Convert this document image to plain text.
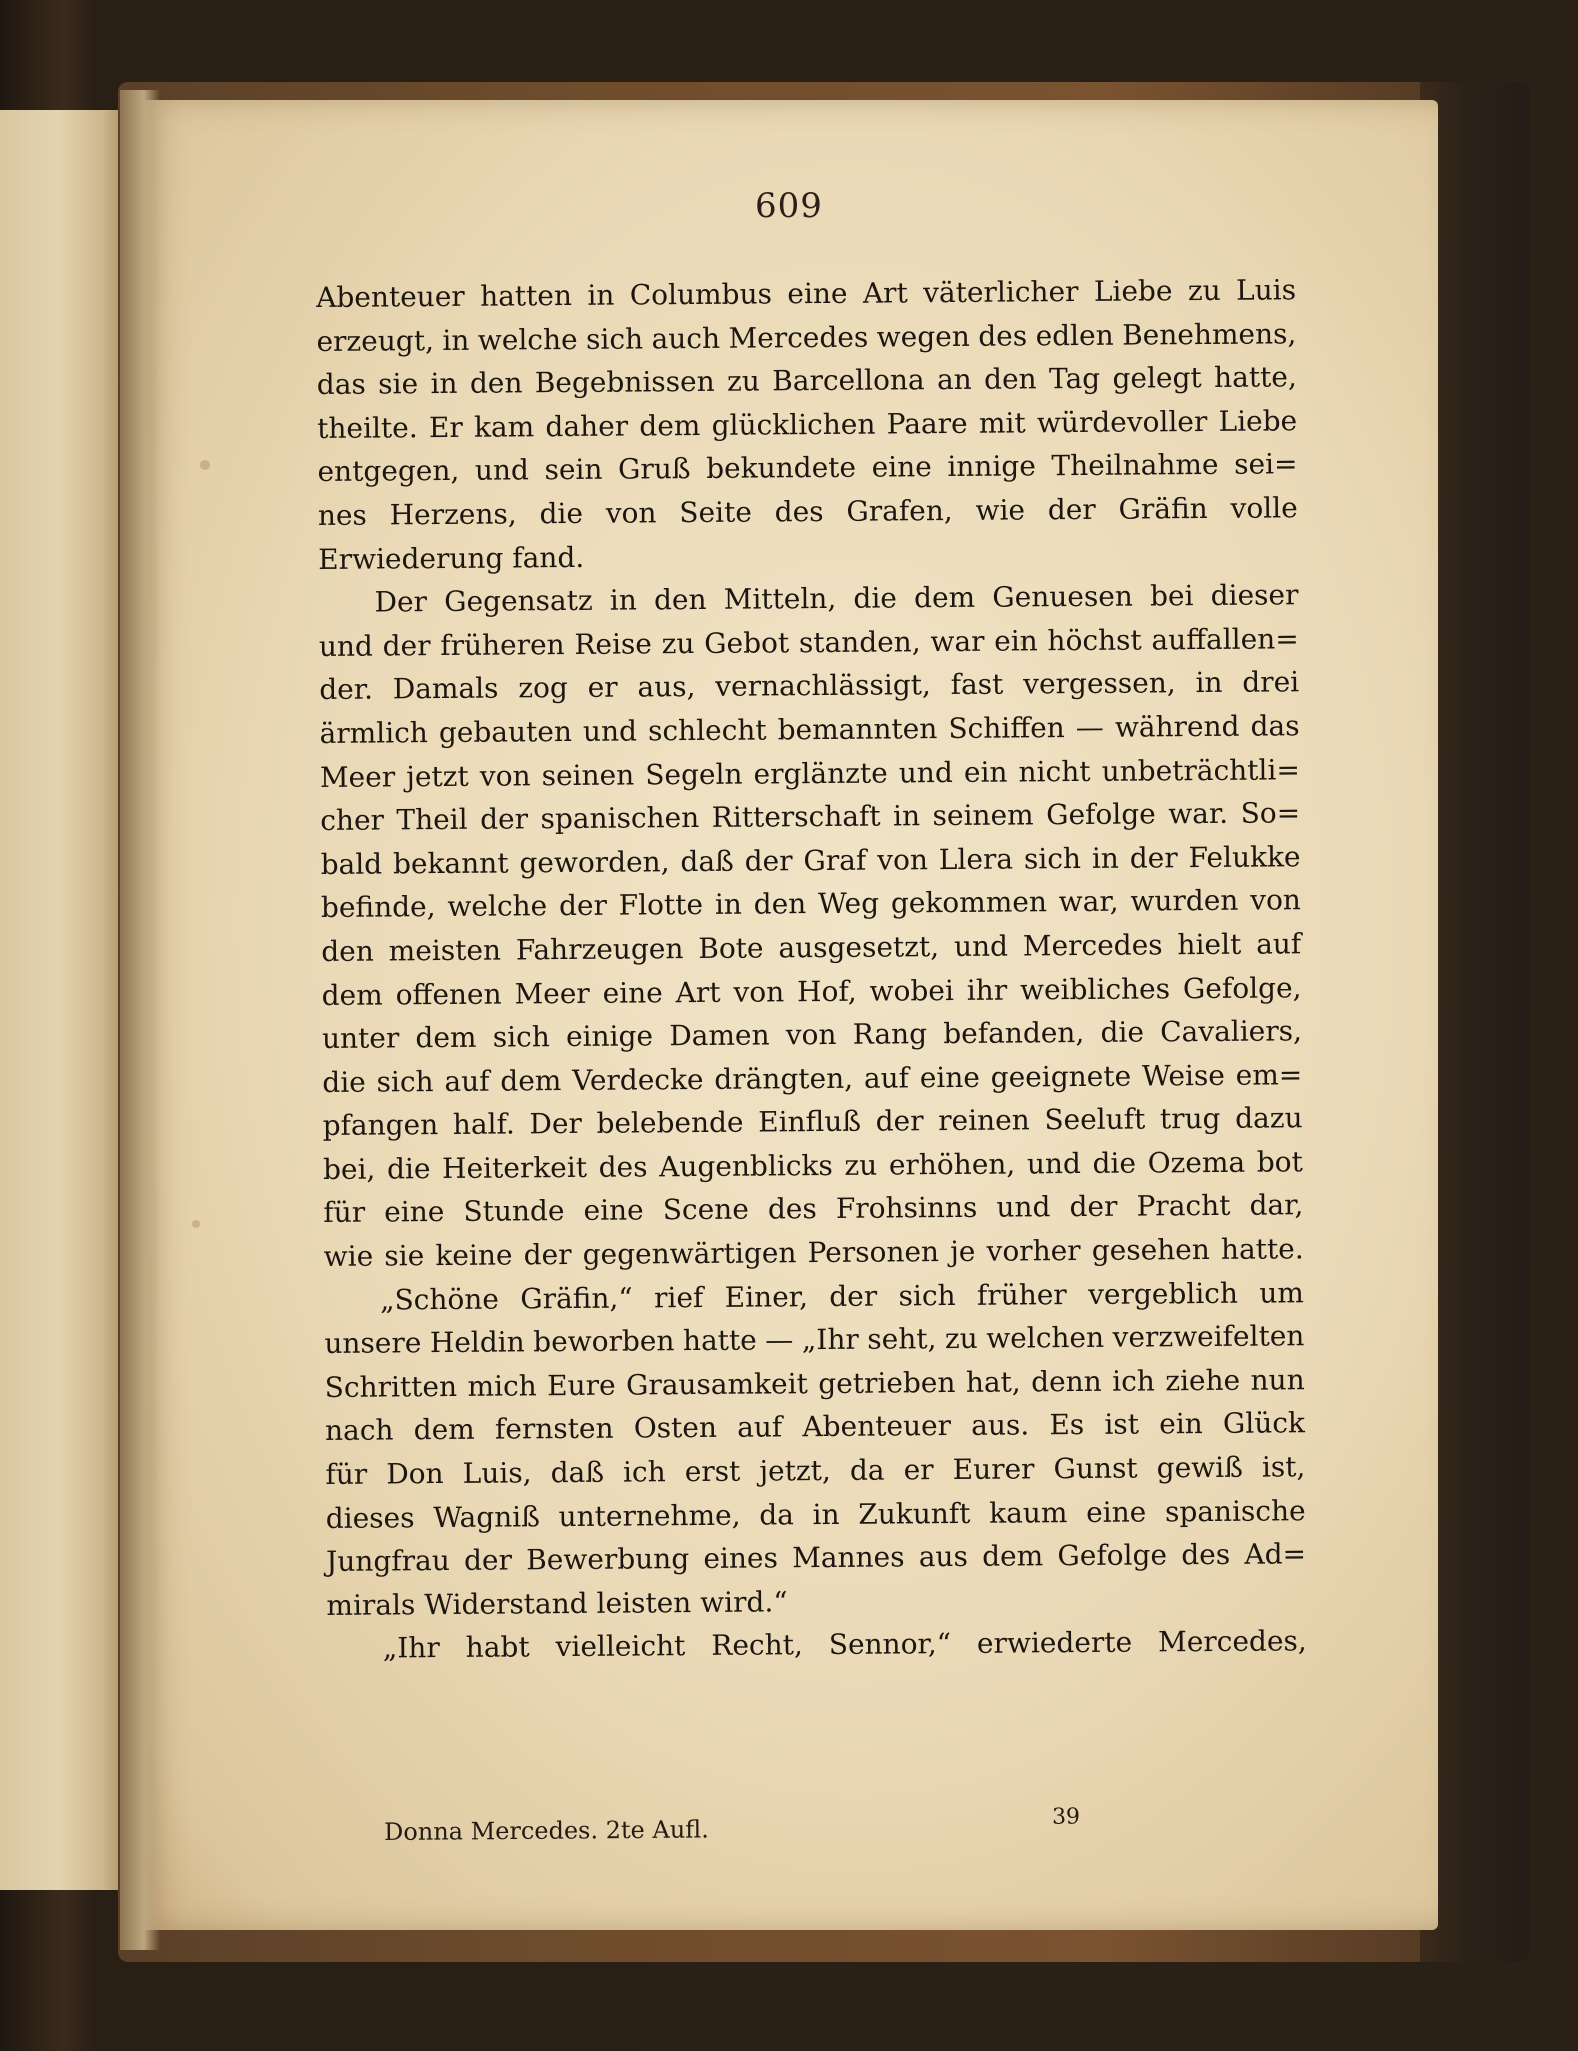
609
Abenteuer hatten in Columbus eine Art väterlicher Liebe zu Luis
erzeugt, in welche sich auch Mercedes wegen des edlen Benehmens,
das sie in den Begebnissen zu Barcellona an den Tag gelegt hatte,
theilte. Er kam daher dem glücklichen Paare mit würdevoller Liebe
entgegen, und sein Gruß bekundete eine innige Theilnahme sei=
nes Herzens, die von Seite des Grafen, wie der Gräfin volle
Erwiederung fand.
Der Gegensatz in den Mitteln, die dem Genuesen bei dieser
und der früheren Reise zu Gebot standen, war ein höchst auffallen=
der. Damals zog er aus, vernachlässigt, fast vergessen, in drei
ärmlich gebauten und schlecht bemannten Schiffen — während das
Meer jetzt von seinen Segeln erglänzte und ein nicht unbeträchtli=
cher Theil der spanischen Ritterschaft in seinem Gefolge war. So=
bald bekannt geworden, daß der Graf von Llera sich in der Felukke
befinde, welche der Flotte in den Weg gekommen war, wurden von
den meisten Fahrzeugen Bote ausgesetzt, und Mercedes hielt auf
dem offenen Meer eine Art von Hof, wobei ihr weibliches Gefolge,
unter dem sich einige Damen von Rang befanden, die Cavaliers,
die sich auf dem Verdecke drängten, auf eine geeignete Weise em=
pfangen half. Der belebende Einfluß der reinen Seeluft trug dazu
bei, die Heiterkeit des Augenblicks zu erhöhen, und die Ozema bot
für eine Stunde eine Scene des Frohsinns und der Pracht dar,
wie sie keine der gegenwärtigen Personen je vorher gesehen hatte.
„Schöne Gräfin,“ rief Einer, der sich früher vergeblich um
unsere Heldin beworben hatte — „Ihr seht, zu welchen verzweifelten
Schritten mich Eure Grausamkeit getrieben hat, denn ich ziehe nun
nach dem fernsten Osten auf Abenteuer aus. Es ist ein Glück
für Don Luis, daß ich erst jetzt, da er Eurer Gunst gewiß ist,
dieses Wagniß unternehme, da in Zukunft kaum eine spanische
Jungfrau der Bewerbung eines Mannes aus dem Gefolge des Ad=
mirals Widerstand leisten wird.“
„Ihr habt vielleicht Recht, Sennor,“ erwiederte Mercedes,
Donna Mercedes. 2te Aufl.	39
